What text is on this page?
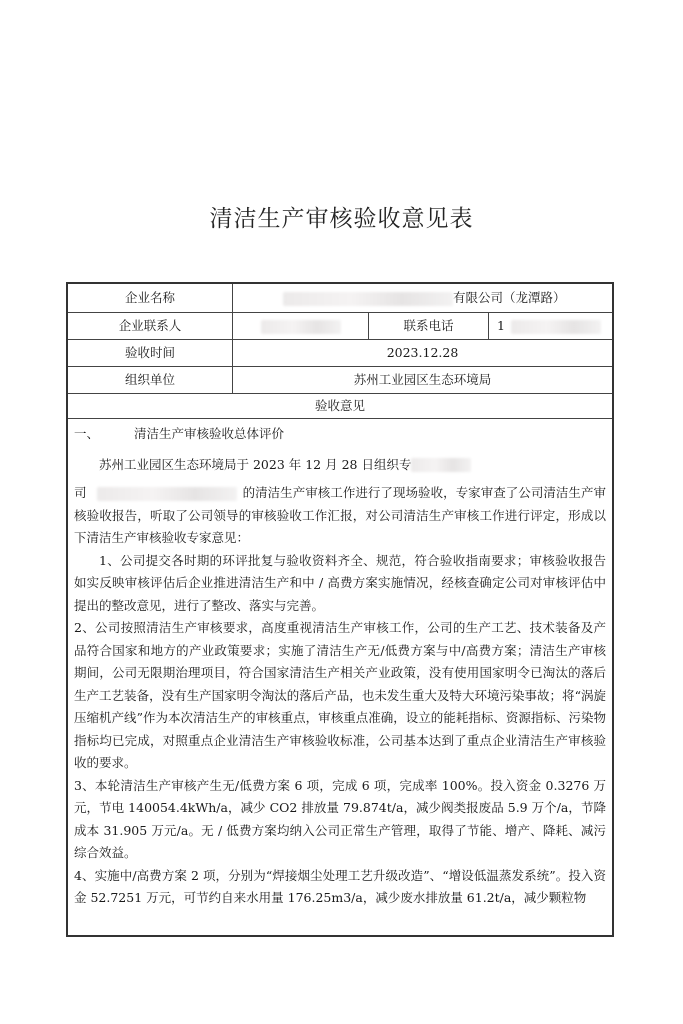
清洁生产审核验收意见表
企业名称	有限公司（龙潭路）
企业联系人	联系电话	1
验收时间	2023.12.28
组织单位	苏州工业园区生态环境局
验收意见
一、	清洁生产审核验收总体评价

苏州工业园区生态环境局于 2023 年 12 月 28 日组织专

司	的清洁生产审核工作进行了现场验收，专家审查了公司清洁生产审核验收报告，听取了公司领导的审核验收工作汇报，对公司清洁生产审核工作进行评定，形成以下清洁生产审核验收专家意见：

1、公司提交各时期的环评批复与验收资料齐全、规范，符合验收指南要求；审核验收报告如实反映审核评估后企业推进清洁生产和中 / 高费方案实施情况，经核查确定公司对审核评估中提出的整改意见，进行了整改、落实与完善。

2、公司按照清洁生产审核要求，高度重视清洁生产审核工作，公司的生产工艺、技术装备及产品符合国家和地方的产业政策要求；实施了清洁生产无/低费方案与中/高费方案；清洁生产审核期间，公司无限期治理项目，符合国家清洁生产相关产业政策，没有使用国家明令已淘汰的落后生产工艺装备，没有生产国家明令淘汰的落后产品，也未发生重大及特大环境污染事故；将“涡旋压缩机产线”作为本次清洁生产的审核重点，审核重点准确，设立的能耗指标、资源指标、污染物指标均已完成，对照重点企业清洁生产审核验收标准，公司基本达到了重点企业清洁生产审核验收的要求。

3、本轮清洁生产审核产生无/低费方案 6 项，完成 6 项，完成率 100%。投入资金 0.3276 万元，节电 140054.4kWh/a，减少 CO2 排放量 79.874t/a，减少阀类报废品 5.9 万个/a，节降成本 31.905 万元/a。无 / 低费方案均纳入公司正常生产管理，取得了节能、增产、降耗、减污综合效益。

4、实施中/高费方案 2 项，分别为“焊接烟尘处理工艺升级改造”、“增设低温蒸发系统”。投入资金 52.7251 万元，可节约自来水用量 176.25m3/a，减少废水排放量 61.2t/a，减少颗粒物
